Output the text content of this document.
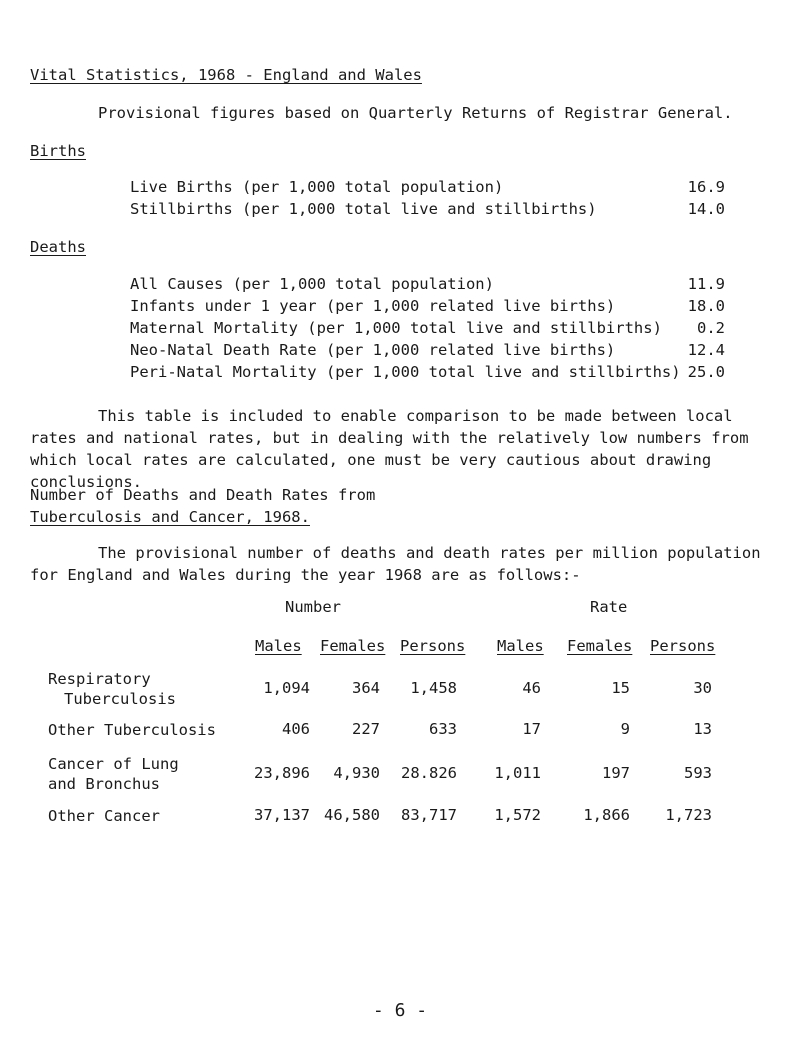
Vital Statistics, 1968 - England and Wales
Provisional figures based on Quarterly Returns of Registrar General.
Births
Live Births (per 1,000 total population)	16.9
Stillbirths (per 1,000 total live and stillbirths)	14.0
Deaths
All Causes (per 1,000 total population)	11.9
Infants under 1 year (per 1,000 related live births)	18.0
Maternal Mortality (per 1,000 total live and stillbirths) 0.2
Neo-Natal Death Rate (per 1,000 related live births)	12.4
Peri-Natal Mortality (per 1,000 total live and stillbirths) 25.0
This table is included to enable comparison to be made between local
rates and national rates, but in dealing with the relatively low numbers from
which local rates are calculated, one must be very cautious about drawing
conclusions.
Number of Deaths and Death Rates from
Tuberculosis and Cancer, 1968.
The provisional number of deaths and death rates per million population
for England and Wales during the year 1968 are as follows:-
Number	Rate
Males Females Persons Males Females Persons
Respiratory
Tuberculosis
1,094	364 1,458	46	15	30
Other Tuberculosis	406	227	633	17	9	13
Cancer of Lung
and Bronchus
23,896 4,930 28.826 1,011	197	593
Other Cancer	37,137 46,580 83,717 1,572	1,866 1,723
- 6 -
